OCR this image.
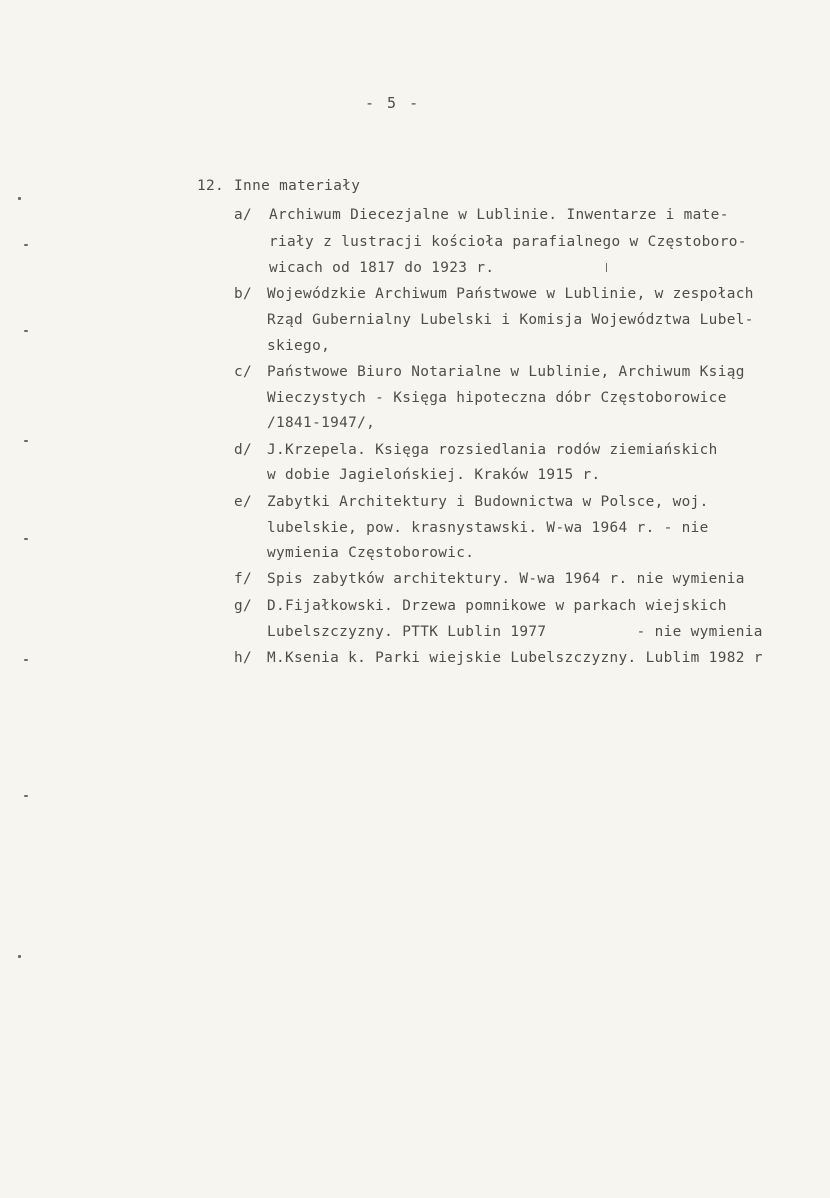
- 5 -
12. Inne materiały
a/	Archiwum Diecezjalne w Lublinie. Inwentarze i mate-
riały z lustracji kościoła parafialnego w Częstoboro-
wicach od 1817 do 1923 r.
b/	Wojewódzkie Archiwum Państwowe w Lublinie, w zespołach
Rząd Gubernialny Lubelski i Komisja Województwa Lubel-
skiego,
c/	Państwowe Biuro Notarialne w Lublinie, Archiwum Ksiąg
Wieczystych - Księga hipoteczna dóbr Częstoborowice
/1841-1947/,
d/	J.Krzepela. Księga rozsiedlania rodów ziemiańskich
w dobie Jagielońskiej. Kraków 1915 r.
e/	Zabytki Architektury i Budownictwa w Polsce, woj.
lubelskie, pow. krasnystawski. W-wa 1964 r. - nie
wymienia Częstoborowic.
f/	Spis zabytków architektury. W-wa 1964 r. nie wymienia
g/	D.Fijałkowski. Drzewa pomnikowe w parkach wiejskich
Lubelszczyzny. PTTK Lublin 1977          - nie wymienia
h/	M.Ksenia k. Parki wiejskie Lubelszczyzny. Lublim 1982 r
